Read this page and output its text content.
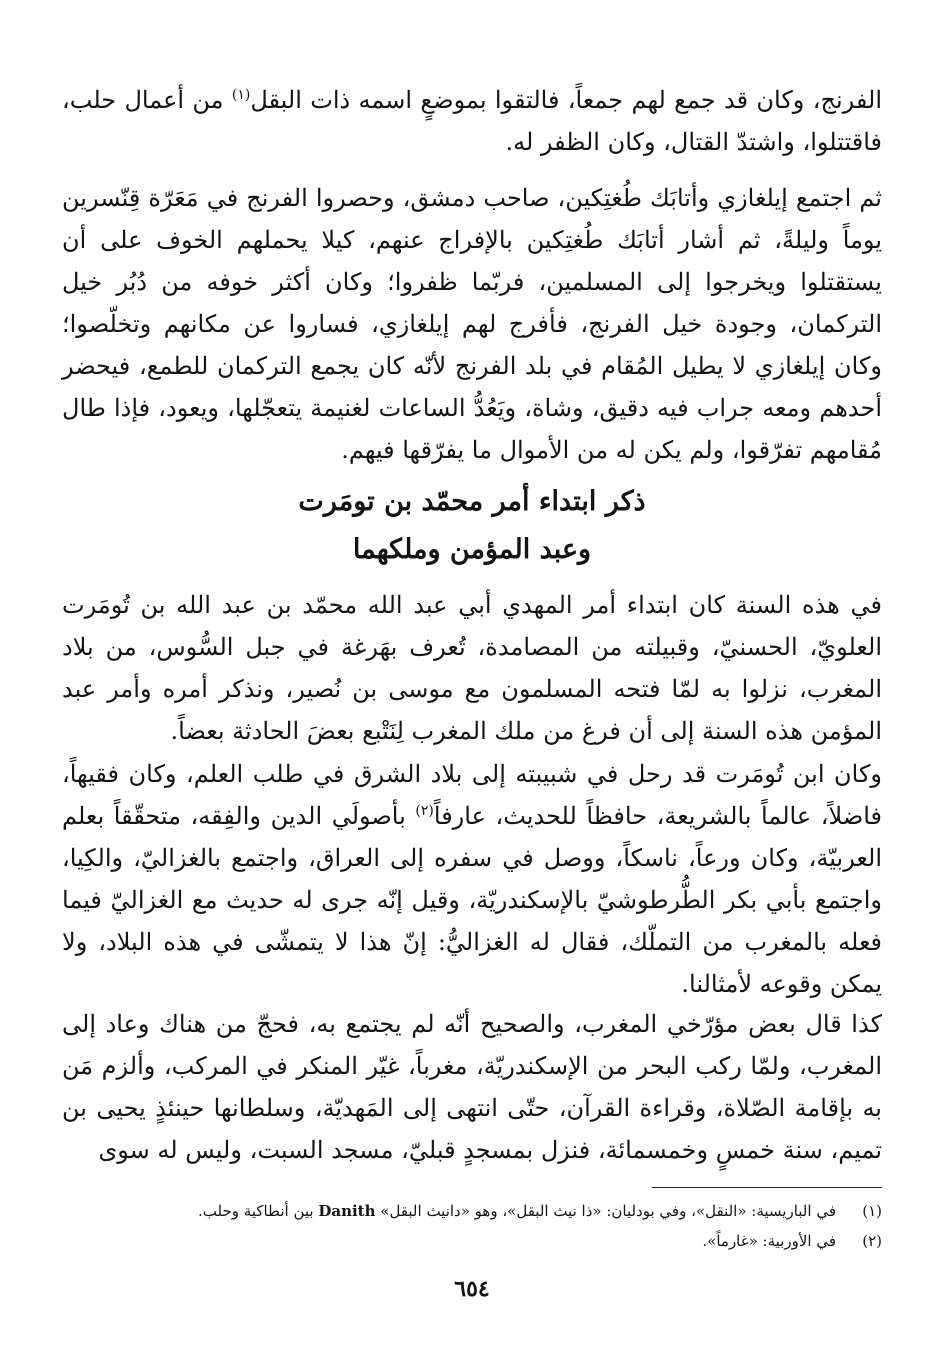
الفرنج، وكان قد جمع لهم جمعاً، فالتقوا بموضعٍ اسمه ذات البقل$^{(١)}$ من أعمال حلب، فاقتتلوا، واشتدّ القتال، وكان الظفر له.

ثم اجتمع إيلغازي وأتابَك طُغتِكين، صاحب دمشق، وحصروا الفرنج في مَعَرّة قِنّسرين يوماً وليلةً، ثم أشار أتابَك طُغتِكين بالإفراج عنهم، كيلا يحملهم الخوف على أن يستقتلوا ويخرجوا إلى المسلمين، فربّما ظفروا؛ وكان أكثر خوفه من دُبُر خيل التركمان، وجودة خيل الفرنج، فأفرج لهم إيلغازي، فساروا عن مكانهم وتخلّصوا؛ وكان إيلغازي لا يطيل المُقام في بلد الفرنج لأنّه كان يجمع التركمان للطمع، فيحضر أحدهم ومعه جراب فيه دقيق، وشاة، ويَعُدُّ الساعات لغنيمة يتعجّلها، ويعود، فإذا طال مُقامهم تفرّقوا، ولم يكن له من الأموال ما يفرّقها فيهم.

ذكر ابتداء أمر محمّد بن تومَرت
وعبد المؤمن وملكهما

في هذه السنة كان ابتداء أمر المهدي أبي عبد الله محمّد بن عبد الله بن تُومَرت العلويّ، الحسنيّ، وقبيلته من المصامدة، تُعرف بهَرغة في جبل السُّوس، من بلاد المغرب، نزلوا به لمّا فتحه المسلمون مع موسى بن نُصير، ونذكر أمره وأمر عبد المؤمن هذه السنة إلى أن فرغ من ملك المغرب لِنَتْبع بعضَ الحادثة بعضاً.

وكان ابن تُومَرت قد رحل في شبيبته إلى بلاد الشرق في طلب العلم، وكان فقيهاً، فاضلاً، عالماً بالشريعة، حافظاً للحديث، عارفاً$^{(٢)}$ بأصولَي الدين والفِقه، متحقّقاً بعلم العربيّة، وكان ورعاً، ناسكاً، ووصل في سفره إلى العراق، واجتمع بالغزاليّ، والكِيا، واجتمع بأبي بكر الطُّرطوشيّ بالإسكندريّة، وقيل إنّه جرى له حديث مع الغزاليّ فيما فعله بالمغرب من التملّك، فقال له الغزاليُّ: إنّ هذا لا يتمشّى في هذه البلاد، ولا يمكن وقوعه لأمثالنا.

كذا قال بعض مؤرّخي المغرب، والصحيح أنّه لم يجتمع به، فحجّ من هناك وعاد إلى المغرب، ولمّا ركب البحر من الإسكندريّة، مغرباً، غيّر المنكر في المركب، وألزم مَن به بإقامة الصّلاة، وقراءة القرآن، حتّى انتهى إلى المَهديّة، وسلطانها حينئذٍ يحيى بن تميم، سنة خمسٍ وخمسمائة، فنزل بمسجدٍ قبليّ، مسجد السبت، وليس له سوى

(١)
في الباريسية: «النقل»، وفي بودليان: «ذا نيث البقل»، وهو «دانيث البقل» Danith بين أنطاكية وحلب.
(٢)
في الأوربية: «غارماً».
٦٥٤
